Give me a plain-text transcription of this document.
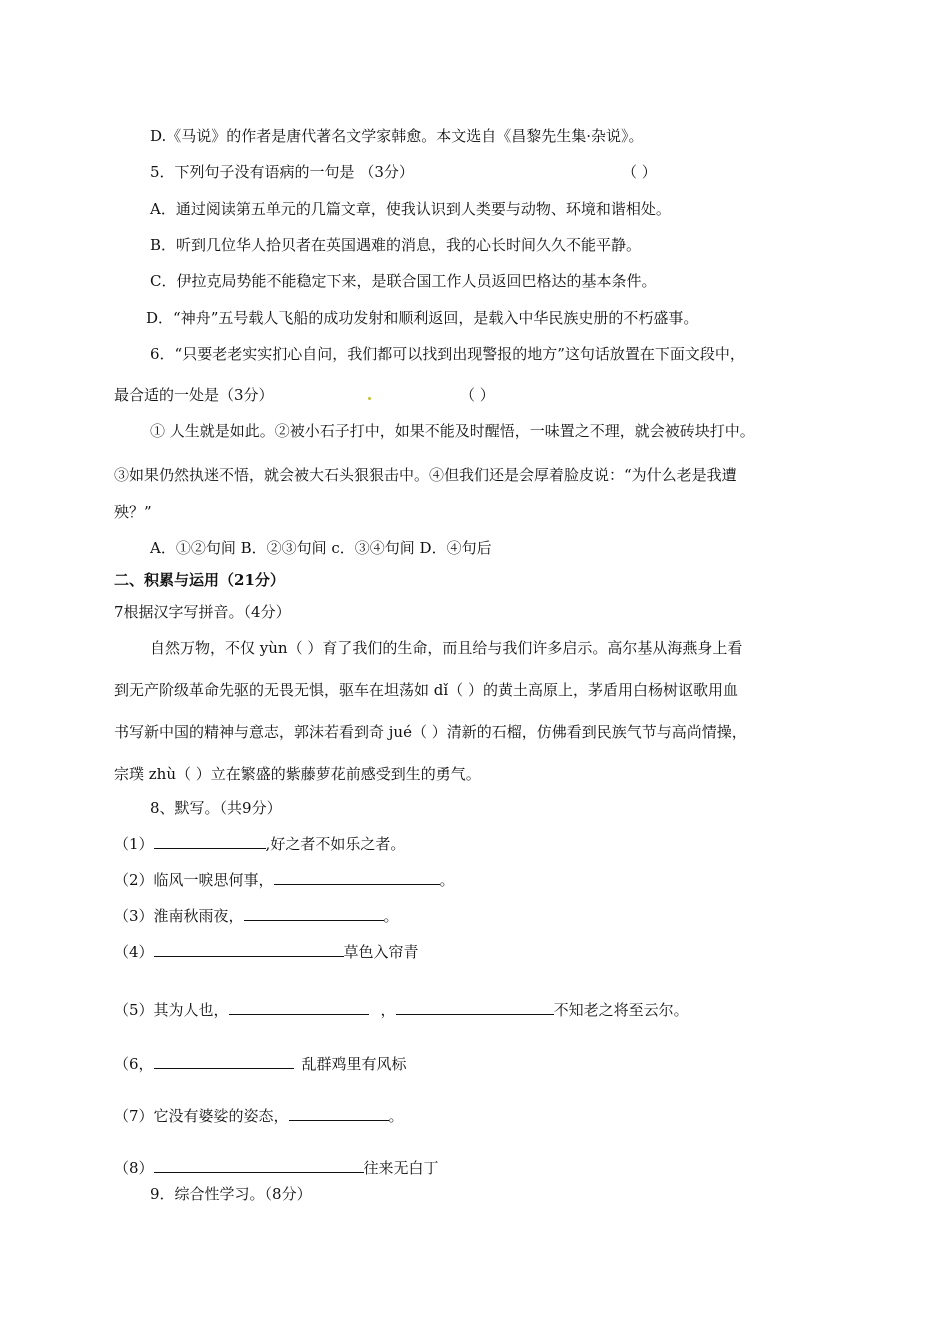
D.《马说》的作者是唐代著名文学家韩愈。本文选自《昌黎先生集·杂说》。
5．下列句子没有语病的一句是 （3分）	（ ）
A．通过阅读第五单元的几篇文章，使我认识到人类要与动物、环境和谐相处。
B．听到几位华人拾贝者在英国遇难的消息，我的心长时间久久不能平静。
C．伊拉克局势能不能稳定下来，是联合国工作人员返回巴格达的基本条件。
D．“神舟”五号载人飞船的成功发射和顺利返回，是载入中华民族史册的不朽盛事。
6．“只要老老实实扪心自问，我们都可以找到出现警报的地方”这句话放置在下面文段中，
最合适的一处是（3分）	（ ）
① 人生就是如此。②被小石子打中，如果不能及时醒悟，一味置之不理，就会被砖块打中。
③如果仍然执迷不悟，就会被大石头狠狠击中。④但我们还是会厚着脸皮说：“为什么老是我遭
殃？”
A．①②句间 B．②③句间 c．③④句间 D．④句后
二、积累与运用（21分）
7根据汉字写拼音。（4分）
自然万物，不仅 yùn（ ）育了我们的生命，而且给与我们许多启示。高尔基从海燕身上看
到无产阶级革命先驱的无畏无惧，驱车在坦荡如 dǐ（ ）的黄土高原上，茅盾用白杨树讴歌用血
书写新中国的精神与意志，郭沫若看到奇 jué（ ）清新的石榴，仿佛看到民族气节与高尚情操，
宗璞 zhù（ ）立在繁盛的紫藤萝花前感受到生的勇气。
8、默写。（共9分）
（1）	,好之者不如乐之者。
（2）临风一唳思何事，	。
（3）淮南秋雨夜，	。
（4）	草色入帘青
（5）其为人也，	，	不知老之将至云尔。
（6，	乱群鸡里有风标
（7）它没有婆娑的姿态，	。
（8）	往来无白丁
9．综合性学习。（8分）
